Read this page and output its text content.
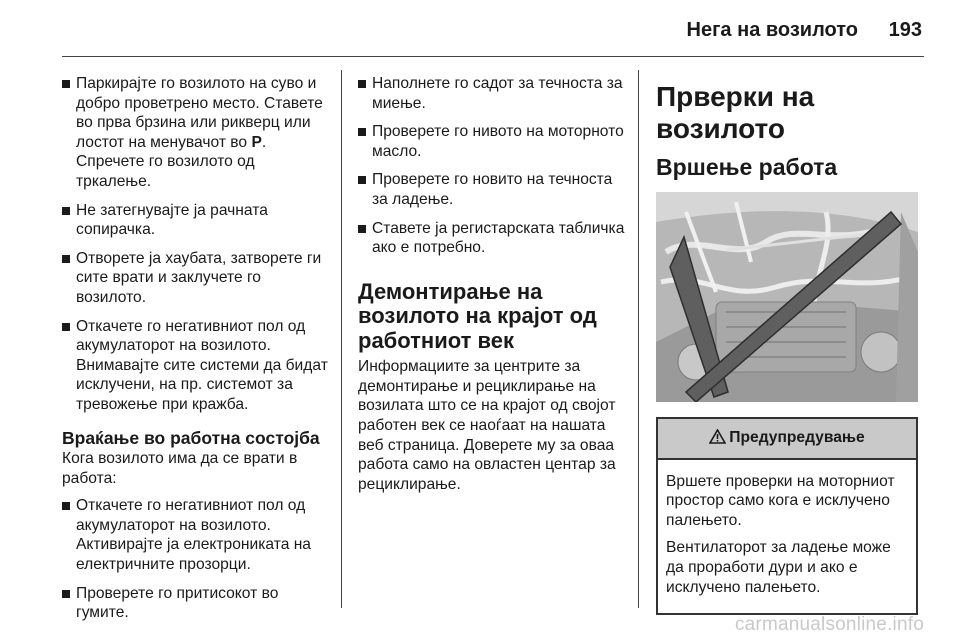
Нега на возилото 193
Паркирајте го возилото на суво и добро проветрено место. Ставете во прва брзина или рикверц или лостот на менувачот во P. Спречете го возилото од тркалење.
Не затегнувајте ја рачната сопирачка.
Отворете ја хаубата, затворете ги сите врати и заклучете го возилото.
Откачете го негативниот пол од акумулаторот на возилото. Внимавајте сите системи да бидат исклучени, на пр. системот за тревожење при кражба.
Враќање во работна состојба
Кога возилото има да се врати в работа:
Откачете го негативниот пол од акумулаторот на возилото. Активирајте ја електрониката на електричните прозорци.
Проверете го притисокот во гумите.
Наполнете го садот за течноста за миење.
Проверете го нивото на моторното масло.
Проверете го новито на течноста за ладење.
Ставете ја регистарската табличка ако е потребно.
Демонтирање на возилото на крајот од работниот век
Информациите за центрите за демонтирање и рециклирање на возилата што се на крајот од својот работен век се наоѓаат на нашата веб страница. Доверете му за оваа работа само на овластен центар за рециклирање.
Прверки на возилото
Вршење работа
Предупредување
Вршете проверки на моторниот простор само кога е исклучено палењето.
Вентилаторот за ладење може да проработи дури и ако е исклучено палењето.
carmanualsonline.info
